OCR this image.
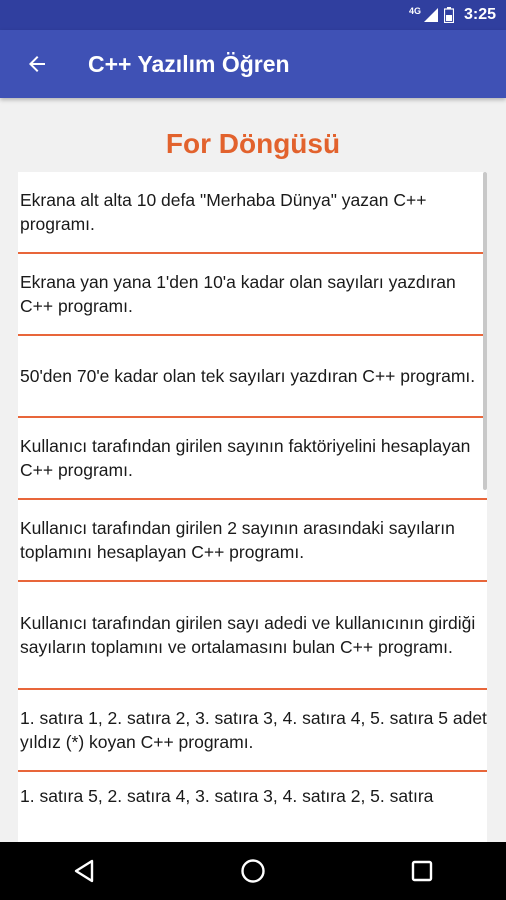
4G	3:25
C++ Yazılım Öğren
For Döngüsü
Ekrana alt alta 10 defa "Merhaba Dünya" yazan C++ programı.
Ekrana yan yana 1'den 10'a kadar olan sayıları yazdıran C++ programı.
50'den 70'e kadar olan tek sayıları yazdıran C++ programı.
Kullanıcı tarafından girilen sayının faktöriyelini hesaplayan C++ programı.
Kullanıcı tarafından girilen 2 sayının arasındaki sayıların toplamını hesaplayan C++ programı.
Kullanıcı tarafından girilen sayı adedi ve kullanıcının girdiği sayıların toplamını ve ortalamasını bulan C++ programı.
1. satıra 1, 2. satıra 2, 3. satıra 3, 4. satıra 4, 5. satıra 5 adet yıldız (*) koyan C++ programı.
1. satıra 5, 2. satıra 4, 3. satıra 3, 4. satıra 2, 5. satıra
